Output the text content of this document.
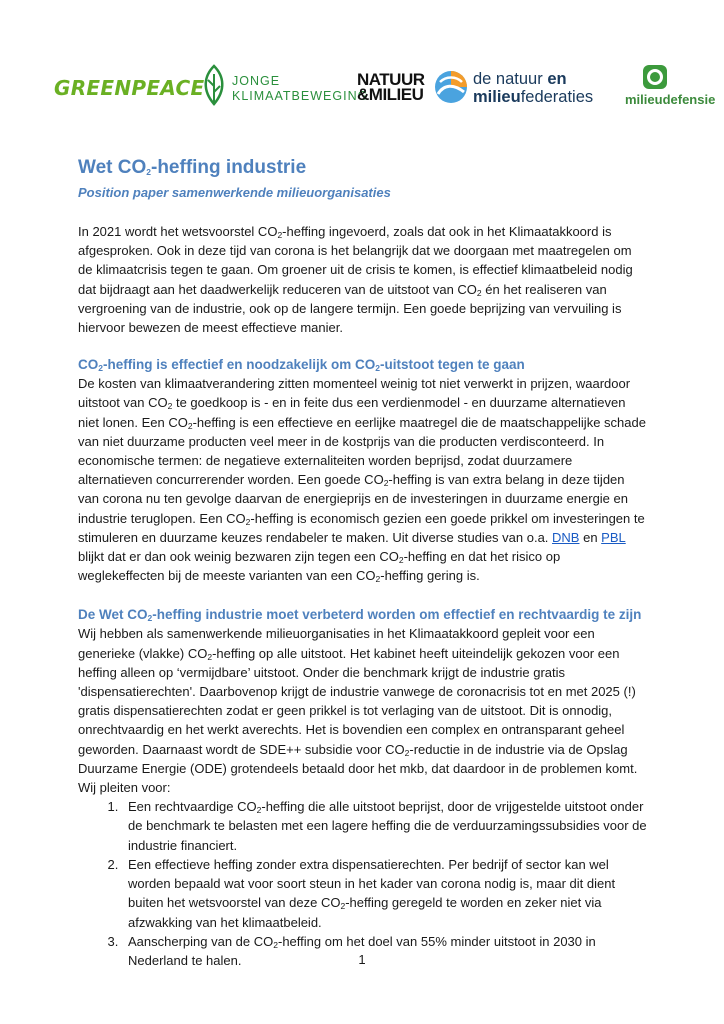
GREENPEACE JONGE
KLIMAATBEWEGING
NATUUR
&MILIEU
de natuur en
milieufederaties milieudefensie
Wet $CO_2$-heffing industrie
Position paper samenwerkende milieuorganisaties

In 2021 wordt het wetsvoorstel $CO_2$-heffing ingevoerd, zoals dat ook in het Klimaatakkoord is afgesproken. Ook in deze tijd van corona is het belangrijk dat we doorgaan met maatregelen om de klimaatcrisis tegen te gaan. Om groener uit de crisis te komen, is effectief klimaatbeleid nodig dat bijdraagt aan het daadwerkelijk reduceren van de uitstoot van $CO_2$ én het realiseren van vergroening van de industrie, ook op de langere termijn. Een goede beprijzing van vervuiling is hiervoor bewezen de meest effectieve manier.

$CO_2$-heffing is effectief en noodzakelijk om $CO_2$-uitstoot tegen te gaan

De kosten van klimaatverandering zitten momenteel weinig tot niet verwerkt in prijzen, waardoor uitstoot van $CO_2$ te goedkoop is - en in feite dus een verdienmodel - en duurzame alternatieven niet lonen. Een $CO_2$-heffing is een effectieve en eerlijke maatregel die de maatschappelijke schade van niet duurzame producten veel meer in de kostprijs van die producten verdisconteerd. In economische termen: de negatieve externaliteiten worden beprijsd, zodat duurzamere alternatieven concurrerender worden. Een goede $CO_2$-heffing is van extra belang in deze tijden van corona nu ten gevolge daarvan de energieprijs en de investeringen in duurzame energie en industrie teruglopen. Een $CO_2$-heffing is economisch gezien een goede prikkel om investeringen te stimuleren en duurzame keuzes rendabeler te maken. Uit diverse studies van o.a. DNB en PBL blijkt dat er dan ook weinig bezwaren zijn tegen een $CO_2$-heffing en dat het risico op weglekeffecten bij de meeste varianten van een $CO_2$-heffing gering is.

De Wet $CO_2$-heffing industrie moet verbeterd worden om effectief en rechtvaardig te zijn

Wij hebben als samenwerkende milieuorganisaties in het Klimaatakkoord gepleit voor een generieke (vlakke) $CO_2$-heffing op alle uitstoot. Het kabinet heeft uiteindelijk gekozen voor een heffing alleen op ‘vermijdbare’ uitstoot. Onder die benchmark krijgt de industrie gratis 'dispensatierechten'. Daarbovenop krijgt de industrie vanwege de coronacrisis tot en met 2025 (!) gratis dispensatierechten zodat er geen prikkel is tot verlaging van de uitstoot. Dit is onnodig, onrechtvaardig en het werkt averechts. Het is bovendien een complex en ontransparant geheel geworden. Daarnaast wordt de SDE++ subsidie voor $CO_2$-reductie in de industrie via de Opslag Duurzame Energie (ODE) grotendeels betaald door het mkb, dat daardoor in de problemen komt. Wij pleiten voor:

1. Een rechtvaardige $CO_2$-heffing die alle uitstoot beprijst, door de vrijgestelde uitstoot onder de benchmark te belasten met een lagere heffing die de verduurzamingssubsidies voor de industrie financiert.
2. Een effectieve heffing zonder extra dispensatierechten. Per bedrijf of sector kan wel worden bepaald wat voor soort steun in het kader van corona nodig is, maar dit dient buiten het wetsvoorstel van deze $CO_2$-heffing geregeld te worden en zeker niet via afzwakking van het klimaatbeleid.
3. Aanscherping van de $CO_2$-heffing om het doel van 55% minder uitstoot in 2030 in Nederland te halen.	1
